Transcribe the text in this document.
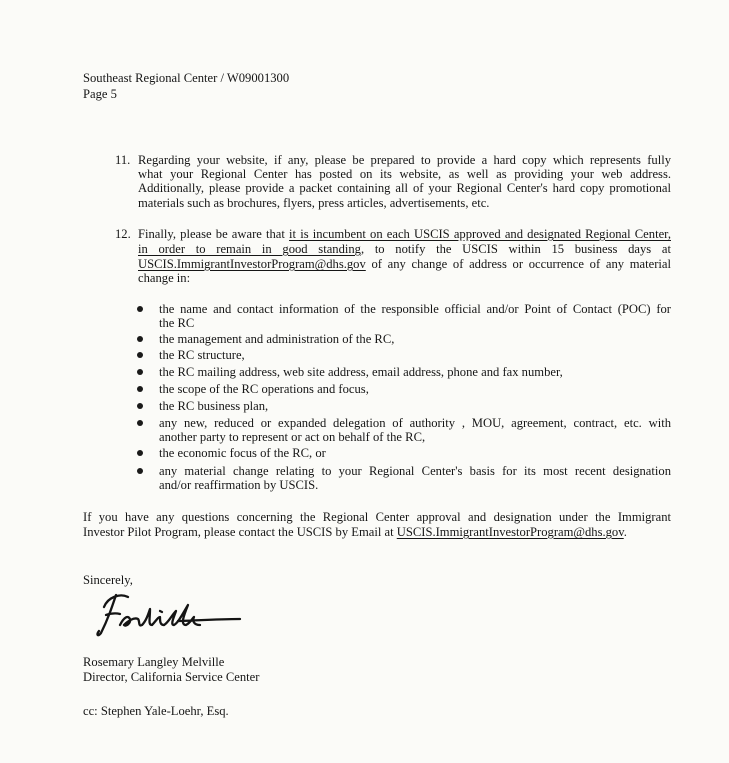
Southeast Regional Center / W09001300
Page 5
11. Regarding your website, if any, please be prepared to provide a hard copy which represents fully
what your Regional Center has posted on its website, as well as providing your web address.
Additionally, please provide a packet containing all of your Regional Center's hard copy promotional
materials such as brochures, flyers, press articles, advertisements, etc.
12. Finally, please be aware that it is incumbent on each USCIS approved and designated Regional Center,
in order to remain in good standing, to notify the USCIS within 15 business days at
USCIS.ImmigrantInvestorProgram@dhs.gov of any change of address or occurrence of any material
change in:
the name and contact information of the responsible official and/or Point of Contact (POC) for
the RC
the management and administration of the RC,
the RC structure,
the RC mailing address, web site address, email address, phone and fax number,
the scope of the RC operations and focus,
the RC business plan,
any new, reduced or expanded delegation of authority , MOU, agreement, contract, etc. with
another party to represent or act on behalf of the RC,
the economic focus of the RC, or
any material change relating to your Regional Center's basis for its most recent designation
and/or reaffirmation by USCIS.
If you have any questions concerning the Regional Center approval and designation under the Immigrant
Investor Pilot Program, please contact the USCIS by Email at USCIS.ImmigrantInvestorProgram@dhs.gov.
Sincerely,
Rosemary Langley Melville
Director, California Service Center
cc: Stephen Yale-Loehr, Esq.
